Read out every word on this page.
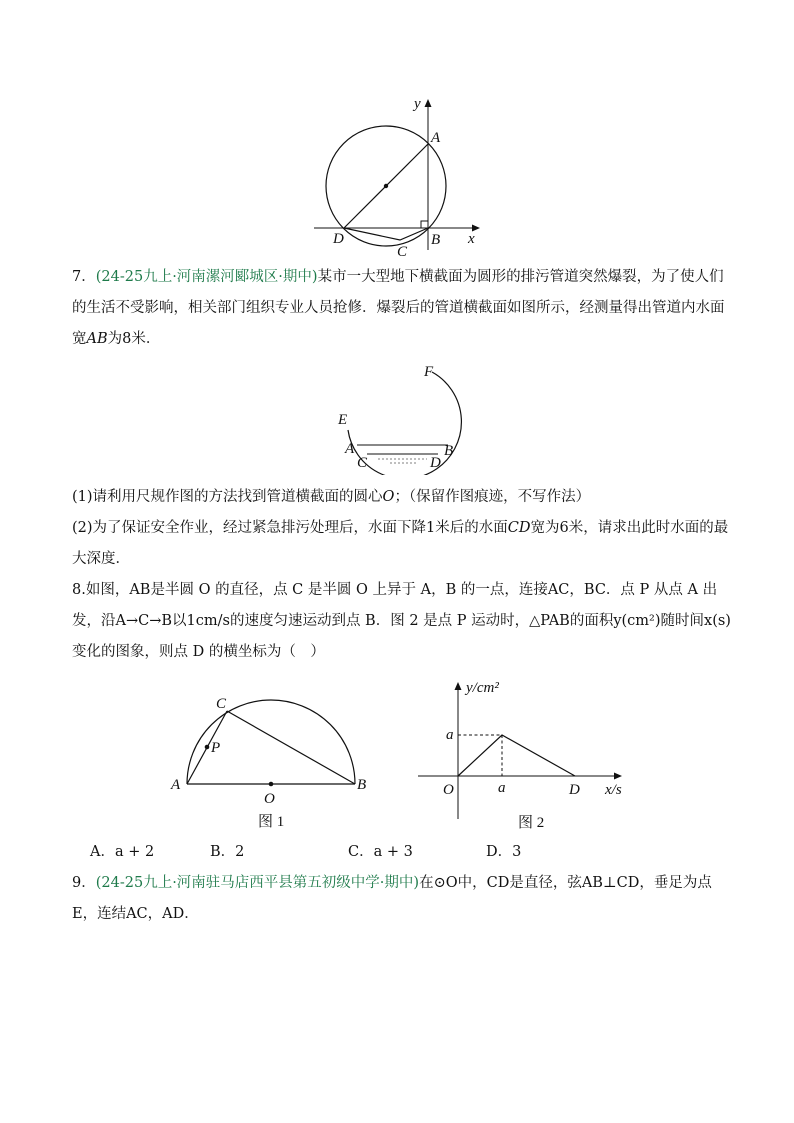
y
x
A
B
C
D

7．(24-25九上·河南漯河郾城区·期中)某市一大型地下横截面为圆形的排污管道突然爆裂，为了使人们的生活不受影响，相关部门组织专业人员抢修．爆裂后的管道横截面如图所示，经测量得出管道内水面宽AB为8米．

F
E
A	B
C	D

(1)请利用尺规作图的方法找到管道横截面的圆心O；（保留作图痕迹，不写作法）

(2)为了保证安全作业，经过紧急排污处理后，水面下降1米后的水面CD宽为6米，请求出此时水面的最大深度．

8.如图，AB是半圆 O 的直径，点 C 是半圆 O 上异于 A，B 的一点，连接AC，BC．点 P 从点 A 出发，沿A→C→B以1cm/s的速度匀速运动到点 B．图 2 是点 P 运动时，△PAB的面积y(cm²)随时间x(s)变化的图象，则点 D 的横坐标为（　）

C
P
A
O
B
图 1
y/cm²
x/s
a
a
O	D
图 2
A．a + 2	B．2	C．a + 3	D．3

9．(24-25九上·河南驻马店西平县第五初级中学·期中)在⊙O中，CD是直径，弦AB⊥CD，垂足为点 E，连结AC，AD．
